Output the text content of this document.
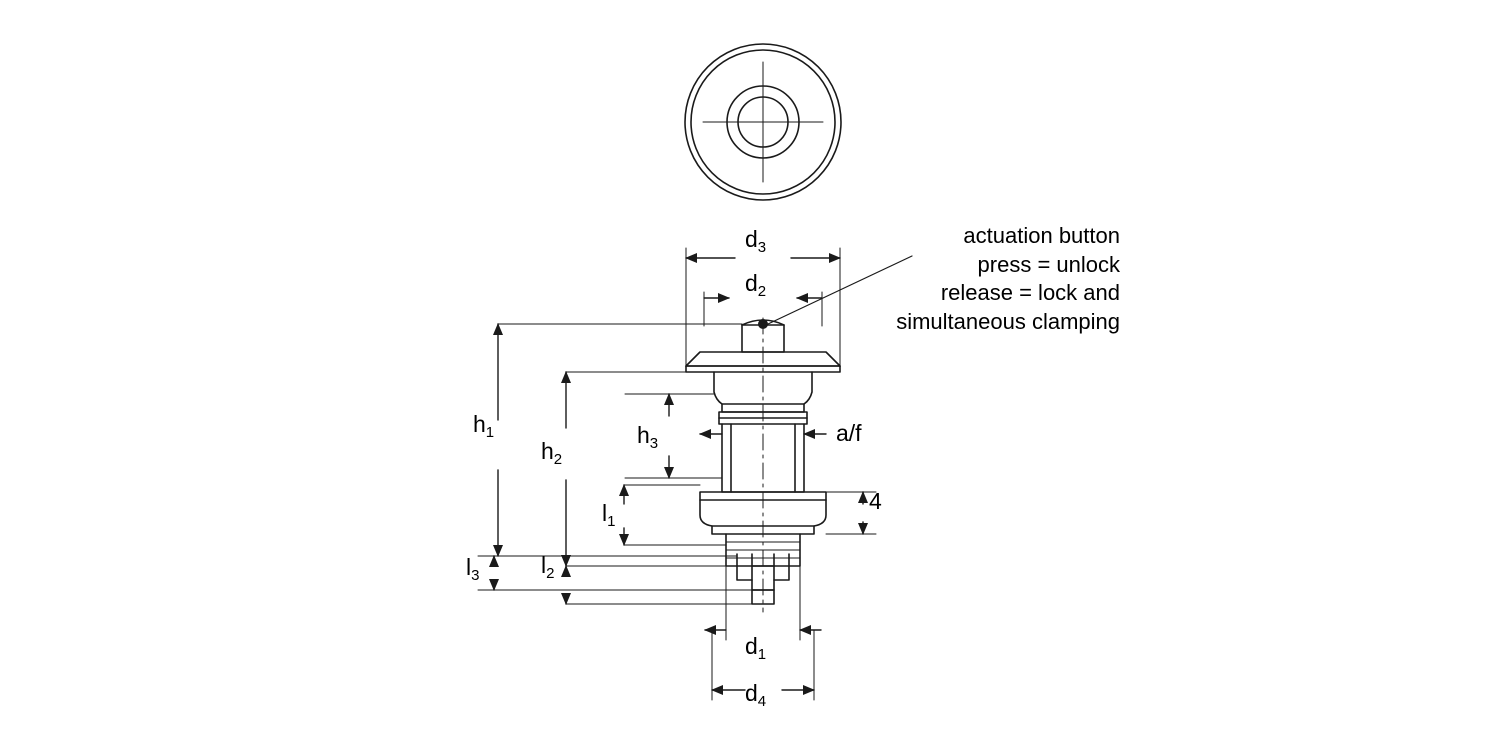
$d_3$
$d_2$
$h_1$
$h_2$
$h_3$	a/f
$l_1$
4
$l_3$	$l_2$
$d_1$
$d_4$
actuation button
press = unlock
release = lock and
simultaneous clamping
